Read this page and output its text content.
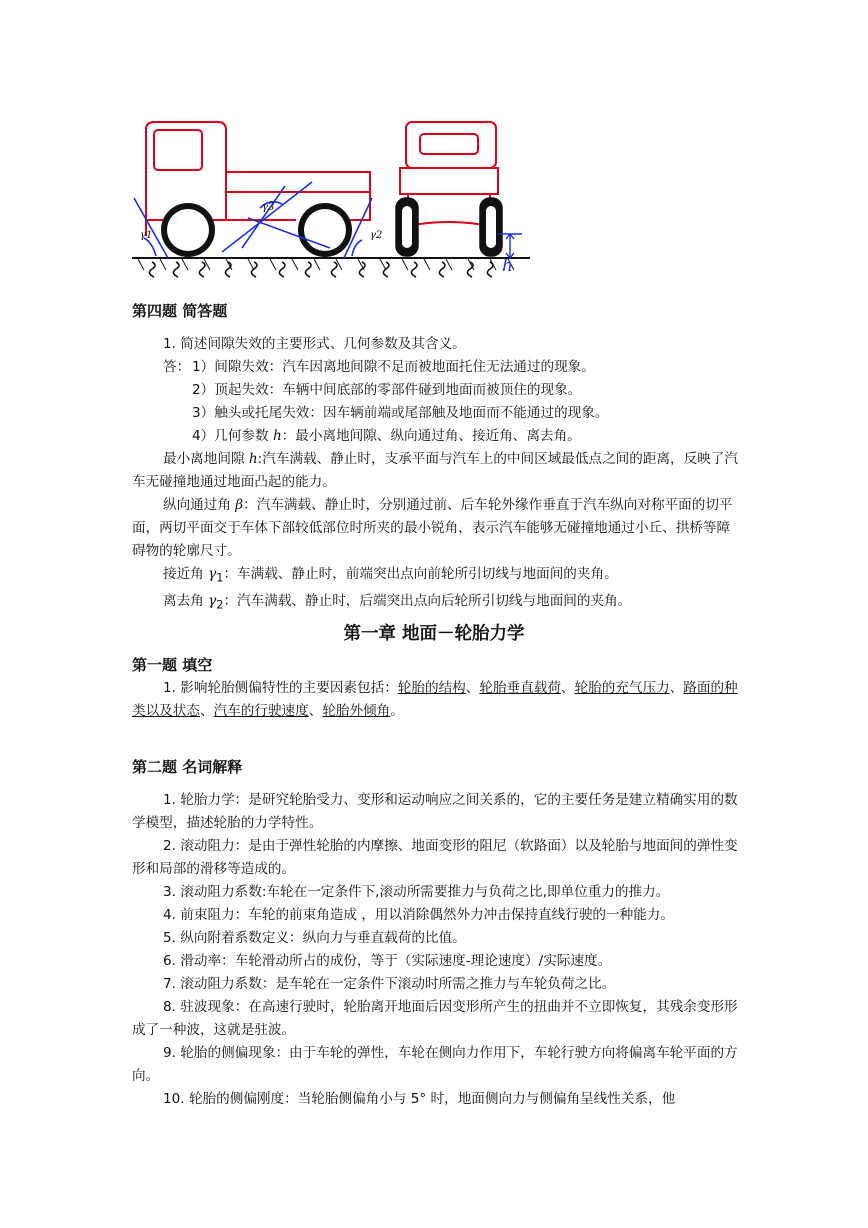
γ1
γ3
γ2
h
第四题 简答题

1. 简述间隙失效的主要形式、几何参数及其含义。

答： 1）间隙失效：汽车因离地间隙不足而被地面托住无法通过的现象。

2）顶起失效：车辆中间底部的零部件碰到地面而被顶住的现象。

3）触头或托尾失效：因车辆前端或尾部触及地面而不能通过的现象。

4）几何参数 h：最小离地间隙、纵向通过角、接近角、离去角。

最小离地间隙 h:汽车满载、静止时，支承平面与汽车上的中间区域最低点之间的距离，反映了汽车无碰撞地通过地面凸起的能力。

纵向通过角 β：汽车满载、静止时，分别通过前、后车轮外缘作垂直于汽车纵向对称平面的切平面，两切平面交于车体下部较低部位时所夹的最小锐角，表示汽车能够无碰撞地通过小丘、拱桥等障碍物的轮廓尺寸。

接近角 $\gamma_1$：车满载、静止时，前端突出点向前轮所引切线与地面间的夹角。

离去角 $\gamma_2$：汽车满载、静止时，后端突出点向后轮所引切线与地面间的夹角。

第一章 地面－轮胎力学
第一题 填空

1. 影响轮胎侧偏特性的主要因素包括：轮胎的结构、轮胎垂直载荷、轮胎的充气压力、路面的种类以及状态、汽车的行驶速度、轮胎外倾角。

第二题 名词解释

1. 轮胎力学：是研究轮胎受力、变形和运动响应之间关系的，它的主要任务是建立精确实用的数学模型，描述轮胎的力学特性。

2. 滚动阻力：是由于弹性轮胎的内摩擦、地面变形的阻尼（软路面）以及轮胎与地面间的弹性变形和局部的滑移等造成的。

3. 滚动阻力系数:车轮在一定条件下,滚动所需要推力与负荷之比,即单位重力的推力。

4. 前束阻力：车轮的前束角造成 ，用以消除偶然外力冲击保持直线行驶的一种能力。

5. 纵向附着系数定义：纵向力与垂直载荷的比值。

6. 滑动率：车轮滑动所占的成份，等于（实际速度-理论速度）/实际速度。

7. 滚动阻力系数：是车轮在一定条件下滚动时所需之推力与车轮负荷之比。

8. 驻波现象：在高速行驶时，轮胎离开地面后因变形所产生的扭曲并不立即恢复，其残余变形形成了一种波，这就是驻波。

9. 轮胎的侧偏现象：由于车轮的弹性，车轮在侧向力作用下，车轮行驶方向将偏离车轮平面的方向。

10. 轮胎的侧偏刚度：当轮胎侧偏角小与 5° 时，地面侧向力与侧偏角呈线性关系，他
